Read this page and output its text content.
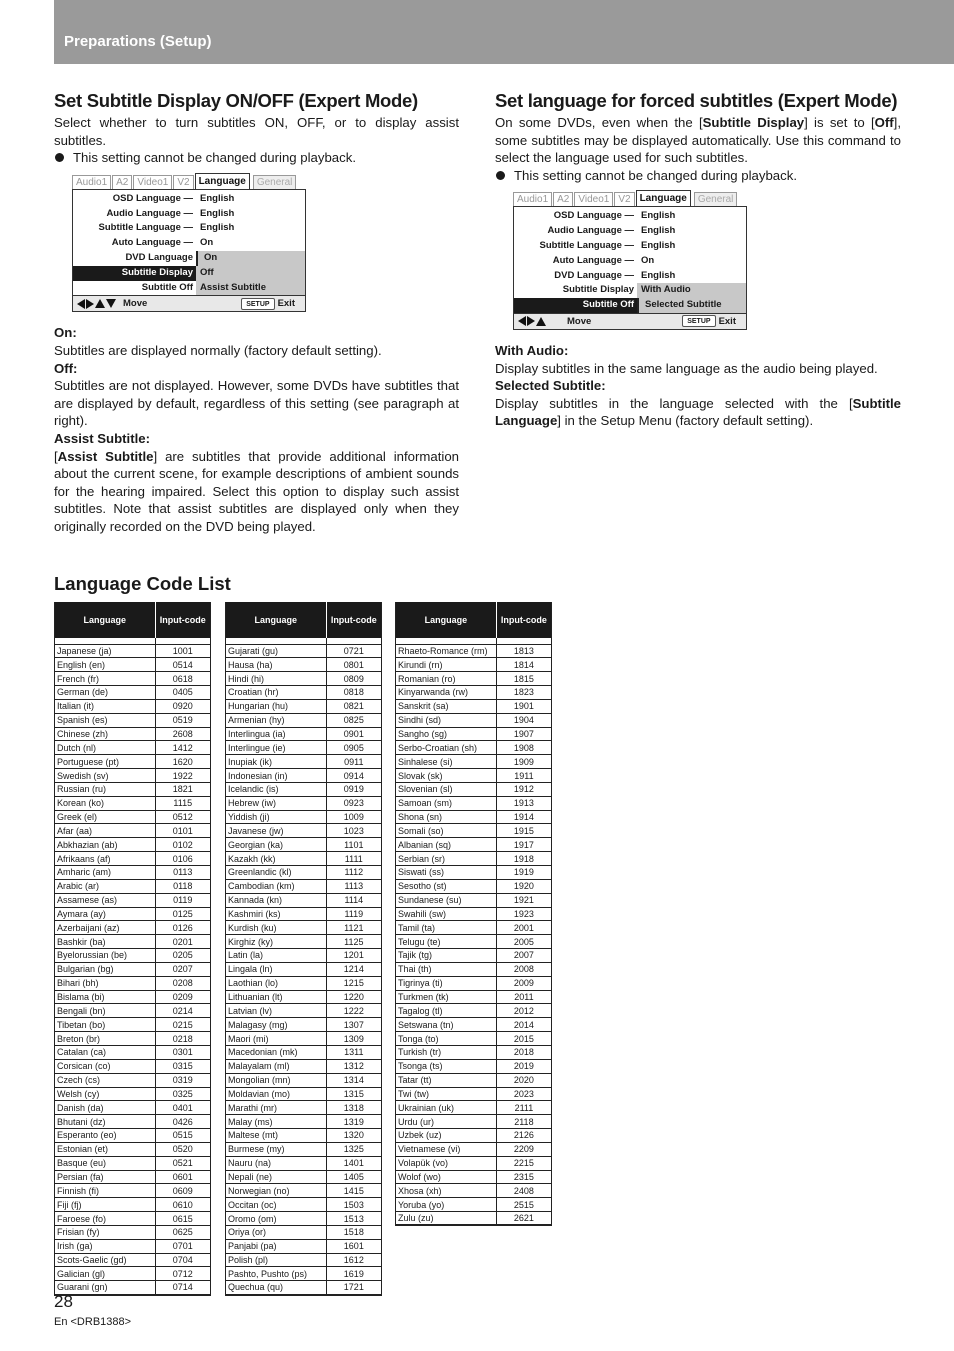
Preparations (Setup)
Set Subtitle Display ON/OFF (Expert Mode)

Select whether to turn subtitles ON, OFF, or to display assist subtitles.

This setting cannot be changed during playback.
Audio1 A2 Video1 V2 Language	General
OSD Language — English
Audio Language — English
Subtitle Language — English
Auto Language — On
DVD Language	On
Subtitle Display Off
Subtitle Off Assist Subtitle
Move	SETUP Exit
On:

Subtitles are displayed normally (factory default setting).

Off:

Subtitles are not displayed. However, some DVDs have subtitles that are displayed by default, regardless of this setting (see paragraph at right).

Assist Subtitle:

[Assist Subtitle] are subtitles that provide additional information about the current scene, for example descriptions of ambient sounds for the hearing impaired. Select this option to display such assist subtitles. Note that assist subtitles are displayed only when they originally recorded on the DVD being played.

Set language for forced subtitles (Expert Mode)

On some DVDs, even when the [Subtitle Display] is set to [Off], some subtitles may be displayed automatically. Use this command to select the language used for such subtitles.

This setting cannot be changed during playback.
Audio1 A2 Video1 V2 Language	General
OSD Language — English
Audio Language — English
Subtitle Language — English
Auto Language — On
DVD Language — English
Subtitle Display With Audio
Subtitle Off	Selected Subtitle
Move	SETUP Exit
With Audio:

Display subtitles in the same language as the audio being played.

Selected Subtitle:

Display subtitles in the language selected with the [Subtitle Language] in the Setup Menu (factory default setting).

Language Code List
Language	Input-code

Japanese (ja)	1001
English (en)	0514
French (fr)	0618
German (de)	0405
Italian (it)	0920
Spanish (es)	0519
Chinese (zh)	2608
Dutch (nl)	1412
Portuguese (pt)	1620
Swedish (sv)	1922
Russian (ru)	1821
Korean (ko)	1115
Greek (el)	0512
Afar (aa)	0101
Abkhazian (ab)	0102
Afrikaans (af)	0106
Amharic (am)	0113
Arabic (ar)	0118
Assamese (as)	0119
Aymara (ay)	0125
Azerbaijani (az)	0126
Bashkir (ba)	0201
Byelorussian (be)	0205
Bulgarian (bg)	0207
Bihari (bh)	0208
Bislama (bi)	0209
Bengali (bn)	0214
Tibetan (bo)	0215
Breton (br)	0218
Catalan (ca)	0301
Corsican (co)	0315
Czech (cs)	0319
Welsh (cy)	0325
Danish (da)	0401
Bhutani (dz)	0426
Esperanto (eo)	0515
Estonian (et)	0520
Basque (eu)	0521
Persian (fa)	0601
Finnish (fi)	0609
Fiji (fj)	0610
Faroese (fo)	0615
Frisian (fy)	0625
Irish (ga)	0701
Scots-Gaelic (gd)	0704
Galician (gl)	0712
Guarani (gn)	0714
Language	Input-code

Gujarati (gu)	0721
Hausa (ha)	0801
Hindi (hi)	0809
Croatian (hr)	0818
Hungarian (hu)	0821
Armenian (hy)	0825
Interlingua (ia)	0901
Interlingue (ie)	0905
Inupiak (ik)	0911
Indonesian (in)	0914
Icelandic (is)	0919
Hebrew (iw)	0923
Yiddish (ji)	1009
Javanese (jw)	1023
Georgian (ka)	1101
Kazakh (kk)	1111
Greenlandic (kl)	1112
Cambodian (km)	1113
Kannada (kn)	1114
Kashmiri (ks)	1119
Kurdish (ku)	1121
Kirghiz (ky)	1125
Latin (la)	1201
Lingala (ln)	1214
Laothian (lo)	1215
Lithuanian (lt)	1220
Latvian (lv)	1222
Malagasy (mg)	1307
Maori (mi)	1309
Macedonian (mk)	1311
Malayalam (ml)	1312
Mongolian (mn)	1314
Moldavian (mo)	1315
Marathi (mr)	1318
Malay (ms)	1319
Maltese (mt)	1320
Burmese (my)	1325
Nauru (na)	1401
Nepali (ne)	1405
Norwegian (no)	1415
Occitan (oc)	1503
Oromo (om)	1513
Oriya (or)	1518
Panjabi (pa)	1601
Polish (pl)	1612
Pashto, Pushto (ps)	1619
Quechua (qu)	1721
Language	Input-code

Rhaeto-Romance (rm)	1813
Kirundi (rn)	1814
Romanian (ro)	1815
Kinyarwanda (rw)	1823
Sanskrit (sa)	1901
Sindhi (sd)	1904
Sangho (sg)	1907
Serbo-Croatian (sh)	1908
Sinhalese (si)	1909
Slovak (sk)	1911
Slovenian (sl)	1912
Samoan (sm)	1913
Shona (sn)	1914
Somali (so)	1915
Albanian (sq)	1917
Serbian (sr)	1918
Siswati (ss)	1919
Sesotho (st)	1920
Sundanese (su)	1921
Swahili (sw)	1923
Tamil (ta)	2001
Telugu (te)	2005
Tajik (tg)	2007
Thai (th)	2008
Tigrinya (ti)	2009
Turkmen (tk)	2011
Tagalog (tl)	2012
Setswana (tn)	2014
Tonga (to)	2015
Turkish (tr)	2018
Tsonga (ts)	2019
Tatar (tt)	2020
Twi (tw)	2023
Ukrainian (uk)	2111
Urdu (ur)	2118
Uzbek (uz)	2126
Vietnamese (vi)	2209
Volapük (vo)	2215
Wolof (wo)	2315
Xhosa (xh)	2408
Yoruba (yo)	2515
Zulu (zu)	2621
28
En <DRB1388>
